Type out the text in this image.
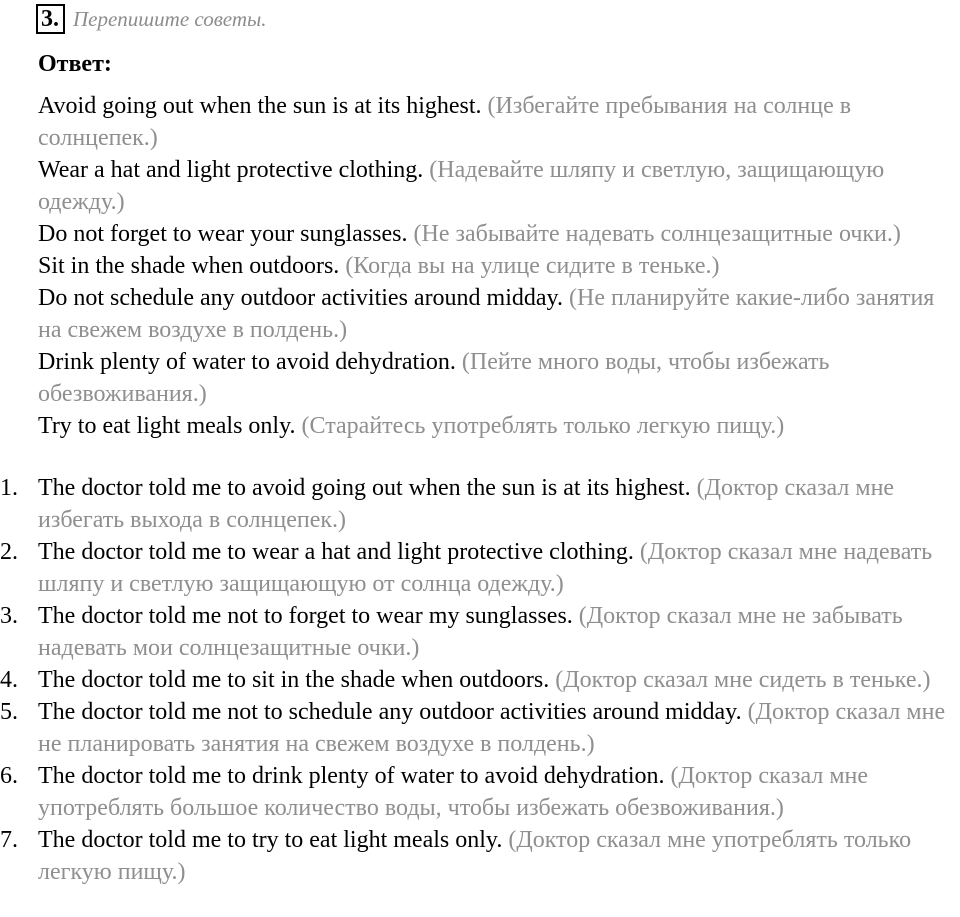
3. Перепишите советы.
Ответ:
Avoid going out when the sun is at its highest. (Избегайте пребывания на солнце в солнцепек.)
Wear a hat and light protective clothing. (Надевайте шляпу и светлую, защищающую одежду.)
Do not forget to wear your sunglasses. (Не забывайте надевать солнцезащитные очки.)
Sit in the shade when outdoors. (Когда вы на улице сидите в теньке.)
Do not schedule any outdoor activities around midday. (Не планируйте какие-либо занятия на свежем воздухе в полдень.)
Drink plenty of water to avoid dehydration. (Пейте много воды, чтобы избежать обезвоживания.)
Try to eat light meals only. (Старайтесь употреблять только легкую пищу.)
1. The doctor told me to avoid going out when the sun is at its highest. (Доктор сказал мне избегать выхода в солнцепек.)
2. The doctor told me to wear a hat and light protective clothing. (Доктор сказал мне надевать шляпу и светлую защищающую от солнца одежду.)
3. The doctor told me not to forget to wear my sunglasses. (Доктор сказал мне не забывать надевать мои солнцезащитные очки.)
4. The doctor told me to sit in the shade when outdoors. (Доктор сказал мне сидеть в теньке.)
5. The doctor told me not to schedule any outdoor activities around midday. (Доктор сказал мне не планировать занятия на свежем воздухе в полдень.)
6. The doctor told me to drink plenty of water to avoid dehydration. (Доктор сказал мне употреблять большое количество воды, чтобы избежать обезвоживания.)
7. The doctor told me to try to eat light meals only. (Доктор сказал мне употреблять только легкую пищу.)
